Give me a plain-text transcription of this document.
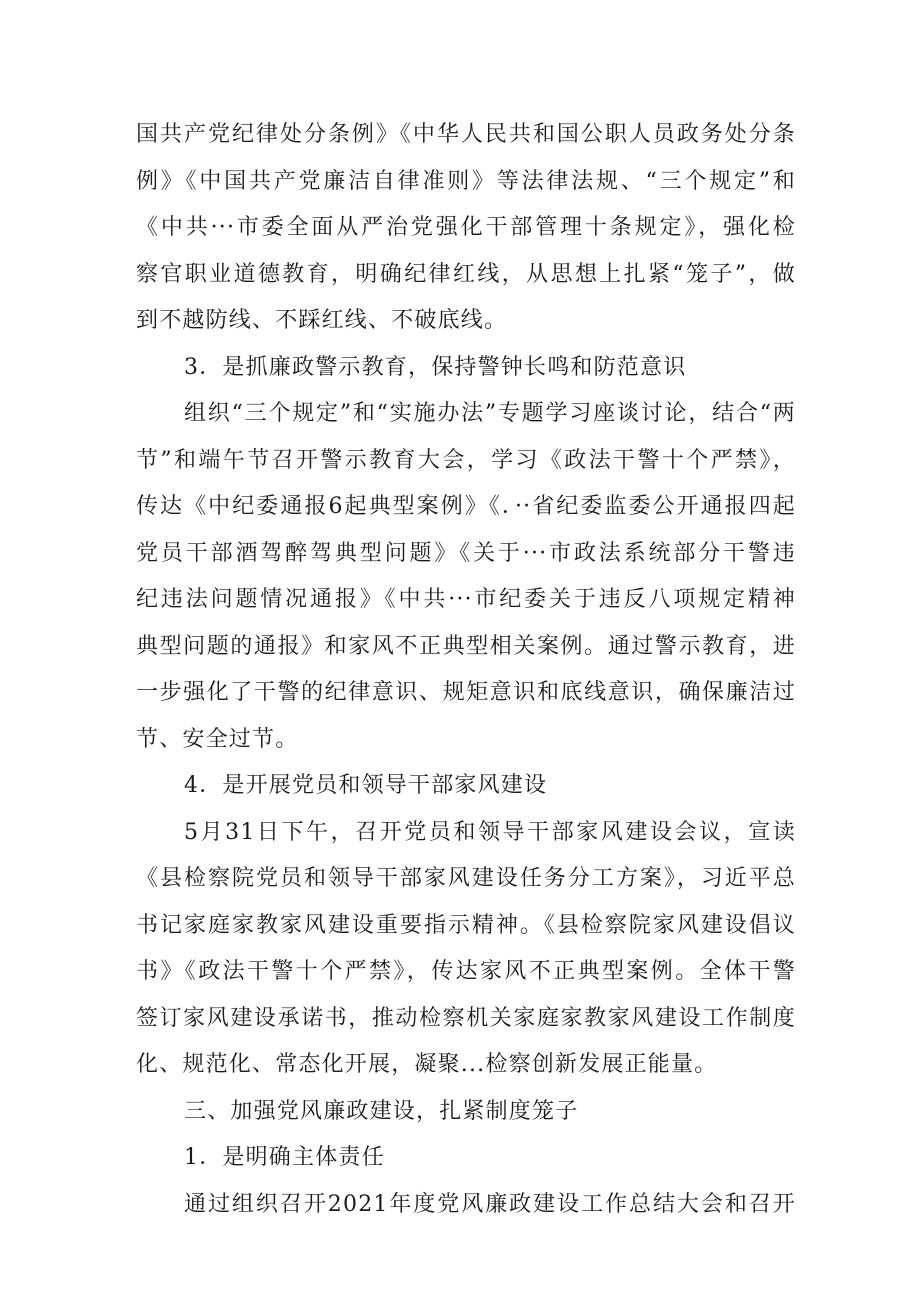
国共产党纪律处分条例》《中华人民共和国公职人员政务处分条
例》《中国共产党廉洁自律准则》等法律法规、“三个规定”和
《中共···市委全面从严治党强化干部管理十条规定》，强化检
察官职业道德教育，明确纪律红线，从思想上扎紧“笼子”，做
到不越防线、不踩红线、不破底线。
3．是抓廉政警示教育，保持警钟长鸣和防范意识
组织“三个规定”和“实施办法”专题学习座谈讨论，结合“两
节”和端午节召开警示教育大会，学习《政法干警十个严禁》，
传达《中纪委通报6起典型案例》《．··省纪委监委公开通报四起
党员干部酒驾醉驾典型问题》《关于···市政法系统部分干警违
纪违法问题情况通报》《中共···市纪委关于违反八项规定精神
典型问题的通报》和家风不正典型相关案例。通过警示教育，进
一步强化了干警的纪律意识、规矩意识和底线意识，确保廉洁过
节、安全过节。
4．是开展党员和领导干部家风建设
5月31日下午，召开党员和领导干部家风建设会议，宣读
《县检察院党员和领导干部家风建设任务分工方案》，习近平总
书记家庭家教家风建设重要指示精神。《县检察院家风建设倡议
书》《政法干警十个严禁》，传达家风不正典型案例。全体干警
签订家风建设承诺书，推动检察机关家庭家教家风建设工作制度
化、规范化、常态化开展，凝聚...检察创新发展正能量。
三、加强党风廉政建设，扎紧制度笼子
1．是明确主体责任
通过组织召开2021年度党风廉政建设工作总结大会和召开
